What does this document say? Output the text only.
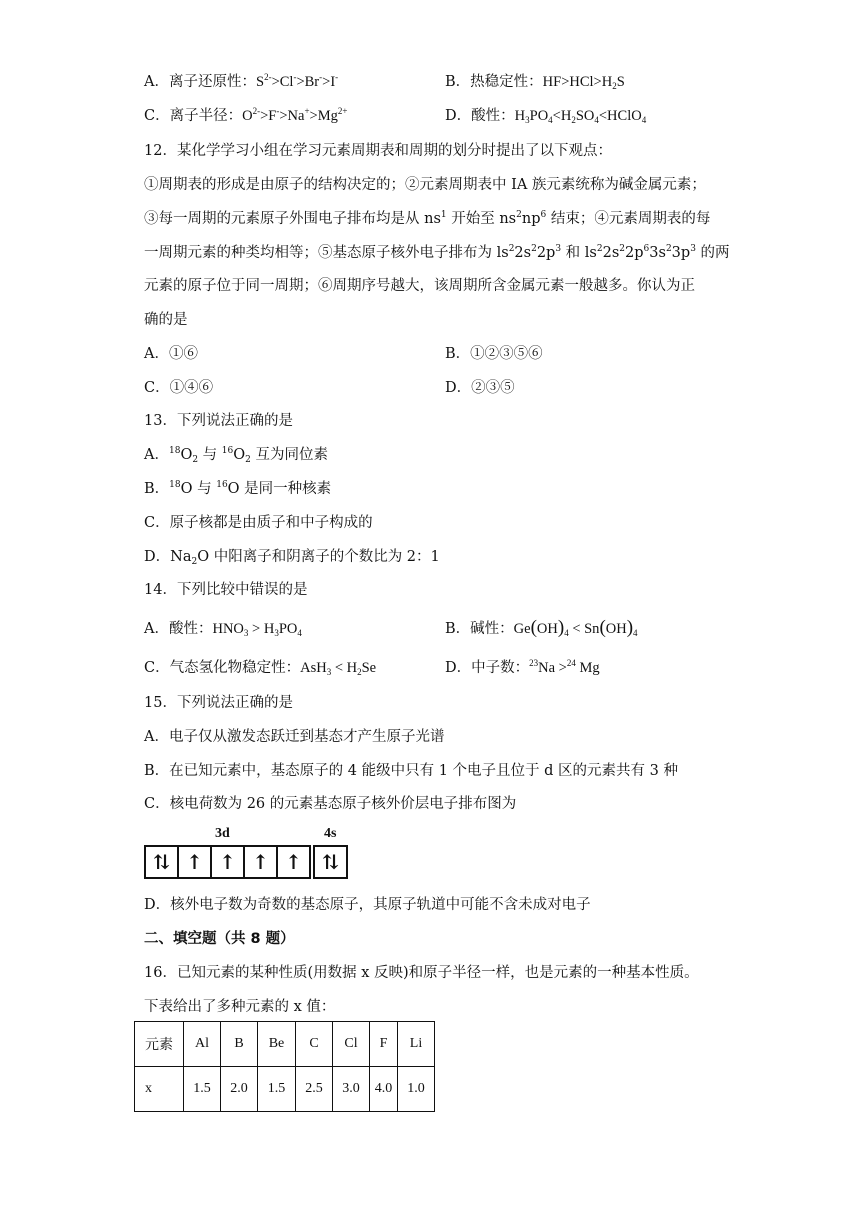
A．离子还原性：$S^{2-}>Cl^->Br^->I^-$	B．热稳定性：$HF>HCl>H_2S$
C．离子半径：$O^{2-}>F^->Na^+>Mg^{2+}$	D．酸性：$H_3PO_4<H_2SO_4<HClO_4$
12．某化学学习小组在学习元素周期表和周期的划分时提出了以下观点：
①周期表的形成是由原子的结构决定的；②元素周期表中 IA 族元素统称为碱金属元素；
③每一周期的元素原子外围电子排布均是从 $ns^1$ 开始至 $ns^2np^6$ 结束；④元素周期表的每
一周期元素的种类均相等；⑤基态原子核外电子排布为 $ls^22s^22p^3$ 和 $ls^22s^22p^63s^23p^3$ 的两
元素的原子位于同一周期；⑥周期序号越大，该周期所含金属元素一般越多。你认为正
确的是
A．①⑥	B．①②③⑤⑥
C．①④⑥	D．②③⑤
13．下列说法正确的是
A．$^{18}O_2$ 与 $^{16}O_2$ 互为同位素
B．$^{18}$O 与 $^{16}$O 是同一种核素
C．原子核都是由质子和中子构成的
D．$Na_2O$ 中阳离子和阴离子的个数比为 2：1
14．下列比较中错误的是
A．酸性：$HNO_3 > H_3PO_4$	B．碱性：$Ge(OH)_4 < Sn(OH)_4$
C．气态氢化物稳定性：$AsH_3 < H_2Se$	D．中子数：$^{23}$Na >$^{24}$ Mg
15．下列说法正确的是
A．电子仅从激发态跃迁到基态才产生原子光谱
B．在已知元素中，基态原子的 4 能级中只有 1 个电子且位于 d 区的元素共有 3 种
C．核电荷数为 26 的元素基态原子核外价层电子排布图为
3d	4s
⇅ ↑ ↑ ↑ ↑	⇅
D．核外电子数为奇数的基态原子，其原子轨道中可能不含未成对电子
二、填空题（共 8 题）
16．已知元素的某种性质(用数据 x 反映)和原子半径一样，也是元素的一种基本性质。
下表给出了多种元素的 x 值：
元素	Al	B	Be	C	Cl	F	Li
x	1.5	2.0	1.5	2.5	3.0	4.0	1.0
